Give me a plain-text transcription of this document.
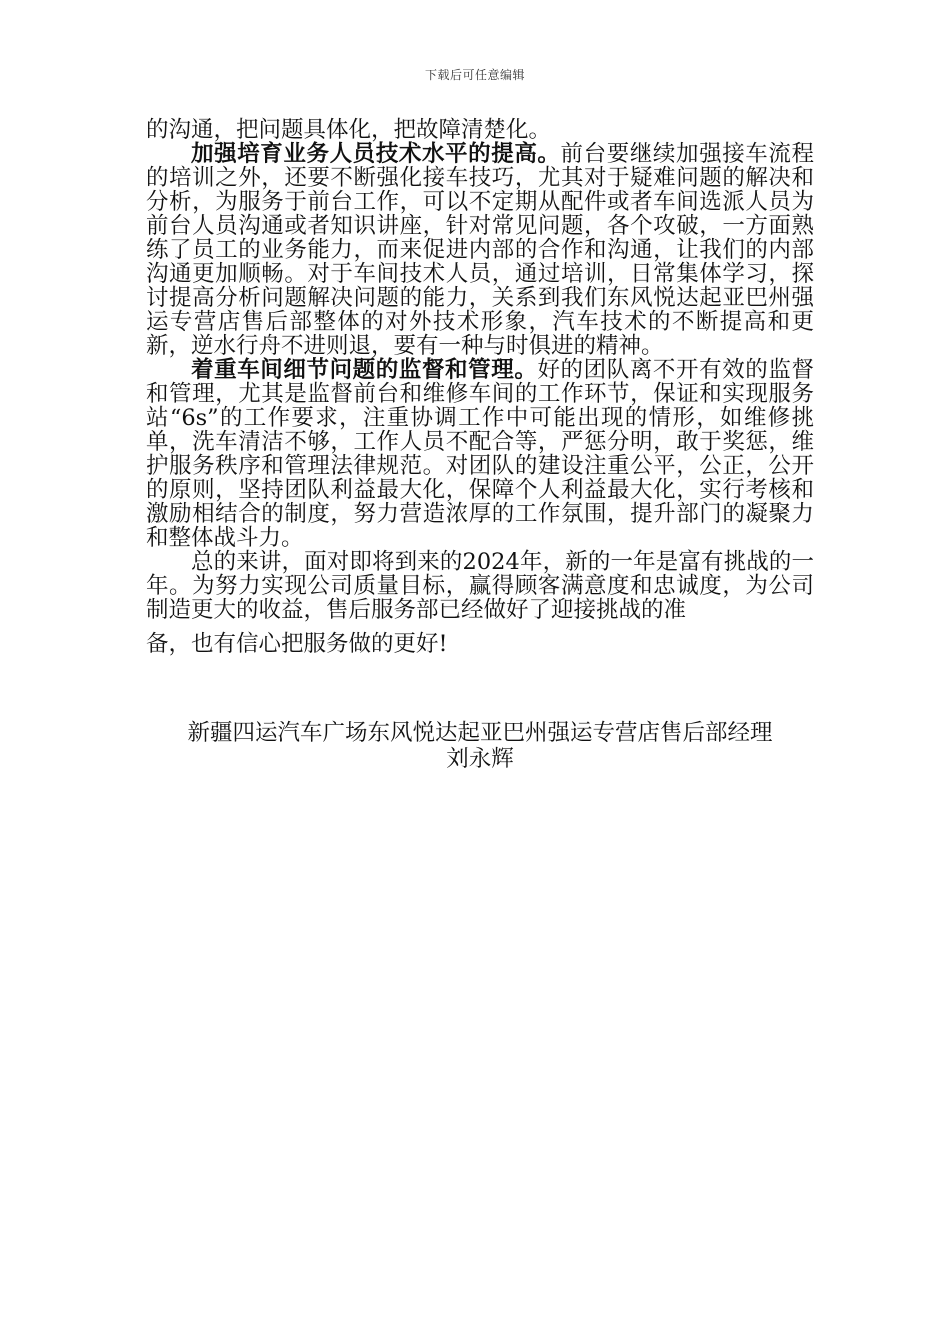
下载后可任意编辑

的沟通，把问题具体化，把故障清楚化。

加强培育业务人员技术水平的提高。前台要继续加强接车流程的培训之外，还要不断强化接车技巧，尤其对于疑难问题的解决和分析，为服务于前台工作，可以不定期从配件或者车间选派人员为前台人员沟通或者知识讲座，针对常见问题，各个攻破，一方面熟练了员工的业务能力，而来促进内部的合作和沟通，让我们的内部沟通更加顺畅。对于车间技术人员，通过培训，日常集体学习，探讨提高分析问题解决问题的能力，关系到我们东风悦达起亚巴州强运专营店售后部整体的对外技术形象，汽车技术的不断提高和更新，逆水行舟不进则退，要有一种与时俱进的精神。

着重车间细节问题的监督和管理。好的团队离不开有效的监督和管理，尤其是监督前台和维修车间的工作环节，保证和实现服务站“6s”的工作要求，注重协调工作中可能出现的情形，如维修挑单，洗车清洁不够，工作人员不配合等，严惩分明，敢于奖惩，维护服务秩序和管理法律规范。对团队的建设注重公平，公正，公开的原则，坚持团队利益最大化，保障个人利益最大化，实行考核和激励相结合的制度，努力营造浓厚的工作氛围，提升部门的凝聚力和整体战斗力。

总的来讲，面对即将到来的2024年，新的一年是富有挑战的一年。为努力实现公司质量目标，赢得顾客满意度和忠诚度，为公司制造更大的收益，售后服务部已经做好了迎接挑战的准

备，也有信心把服务做的更好!

新疆四运汽车广场东风悦达起亚巴州强运专营店售后部经理
刘永辉
